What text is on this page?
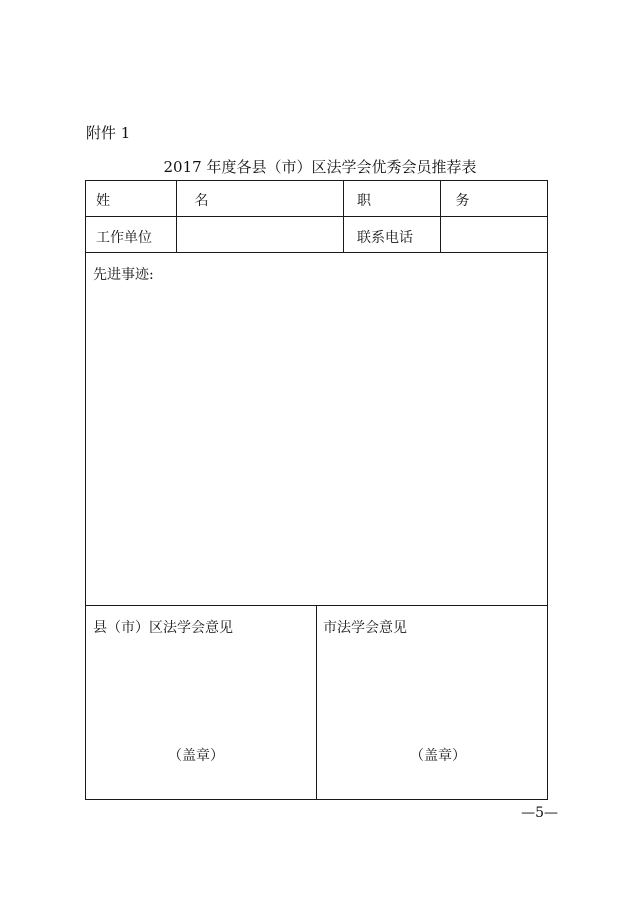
附件 1
2017 年度各县（市）区法学会优秀会员推荐表
姓 名	职 务
工作单位	联系电话
先进事迹:
县（市）区法学会意见	市法学会意见
（盖章）	（盖章）
—5—
